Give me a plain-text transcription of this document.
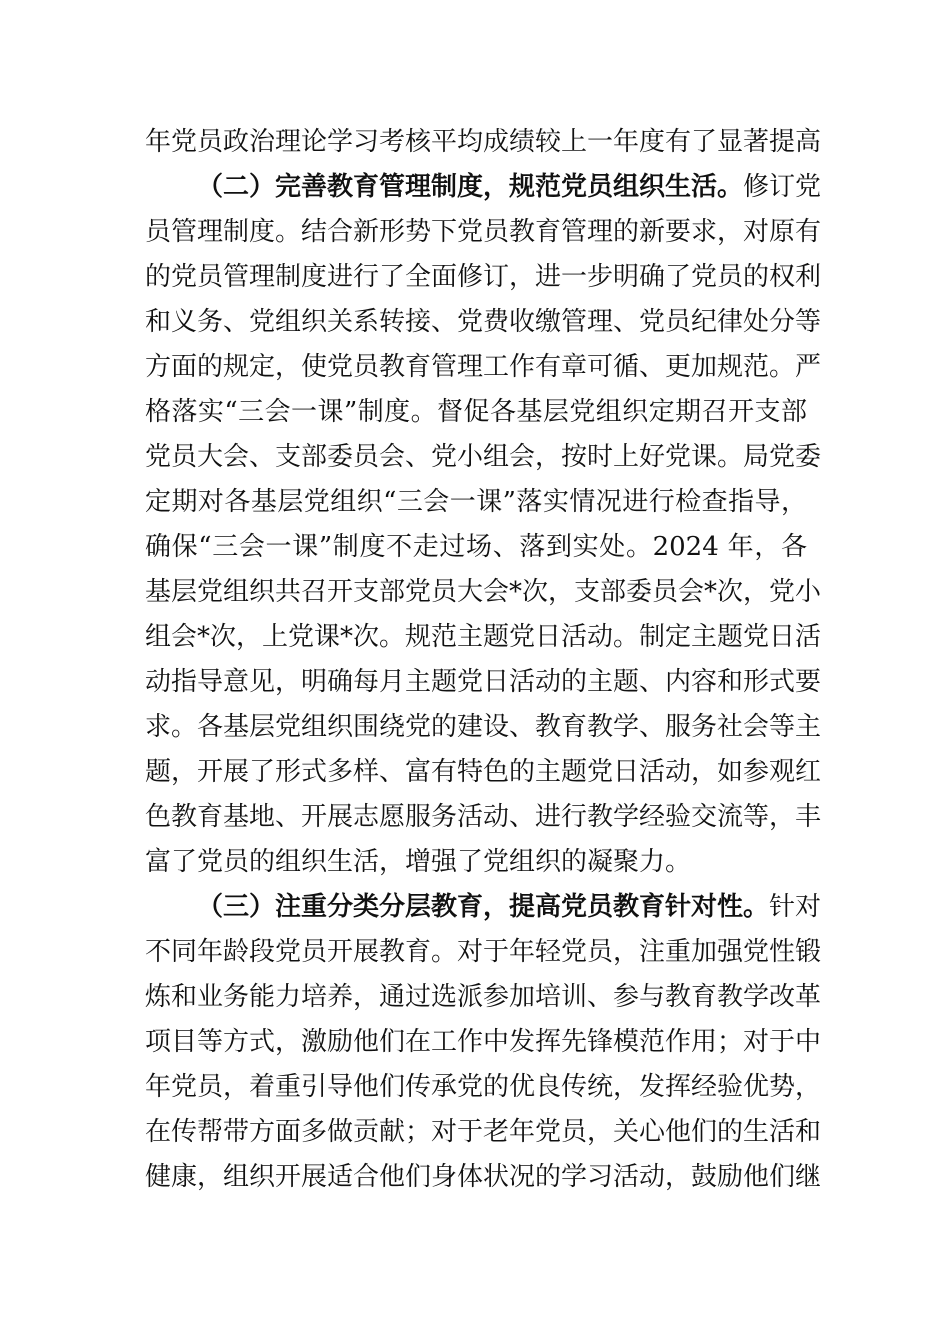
年党员政治理论学习考核平均成绩较上一年度有了显著提高
（二）完善教育管理制度，规范党员组织生活。修订党
员管理制度。结合新形势下党员教育管理的新要求，对原有
的党员管理制度进行了全面修订，进一步明确了党员的权利
和义务、党组织关系转接、党费收缴管理、党员纪律处分等
方面的规定，使党员教育管理工作有章可循、更加规范。严
格落实“三会一课”制度。督促各基层党组织定期召开支部
党员大会、支部委员会、党小组会，按时上好党课。局党委
定期对各基层党组织“三会一课”落实情况进行检查指导，
确保“三会一课”制度不走过场、落到实处。2024 年，各
基层党组织共召开支部党员大会*次，支部委员会*次，党小
组会*次，上党课*次。规范主题党日活动。制定主题党日活
动指导意见，明确每月主题党日活动的主题、内容和形式要
求。各基层党组织围绕党的建设、教育教学、服务社会等主
题，开展了形式多样、富有特色的主题党日活动，如参观红
色教育基地、开展志愿服务活动、进行教学经验交流等，丰
富了党员的组织生活，增强了党组织的凝聚力。
（三）注重分类分层教育，提高党员教育针对性。针对
不同年龄段党员开展教育。对于年轻党员，注重加强党性锻
炼和业务能力培养，通过选派参加培训、参与教育教学改革
项目等方式，激励他们在工作中发挥先锋模范作用；对于中
年党员，着重引导他们传承党的优良传统，发挥经验优势，
在传帮带方面多做贡献；对于老年党员，关心他们的生活和
健康，组织开展适合他们身体状况的学习活动，鼓励他们继
